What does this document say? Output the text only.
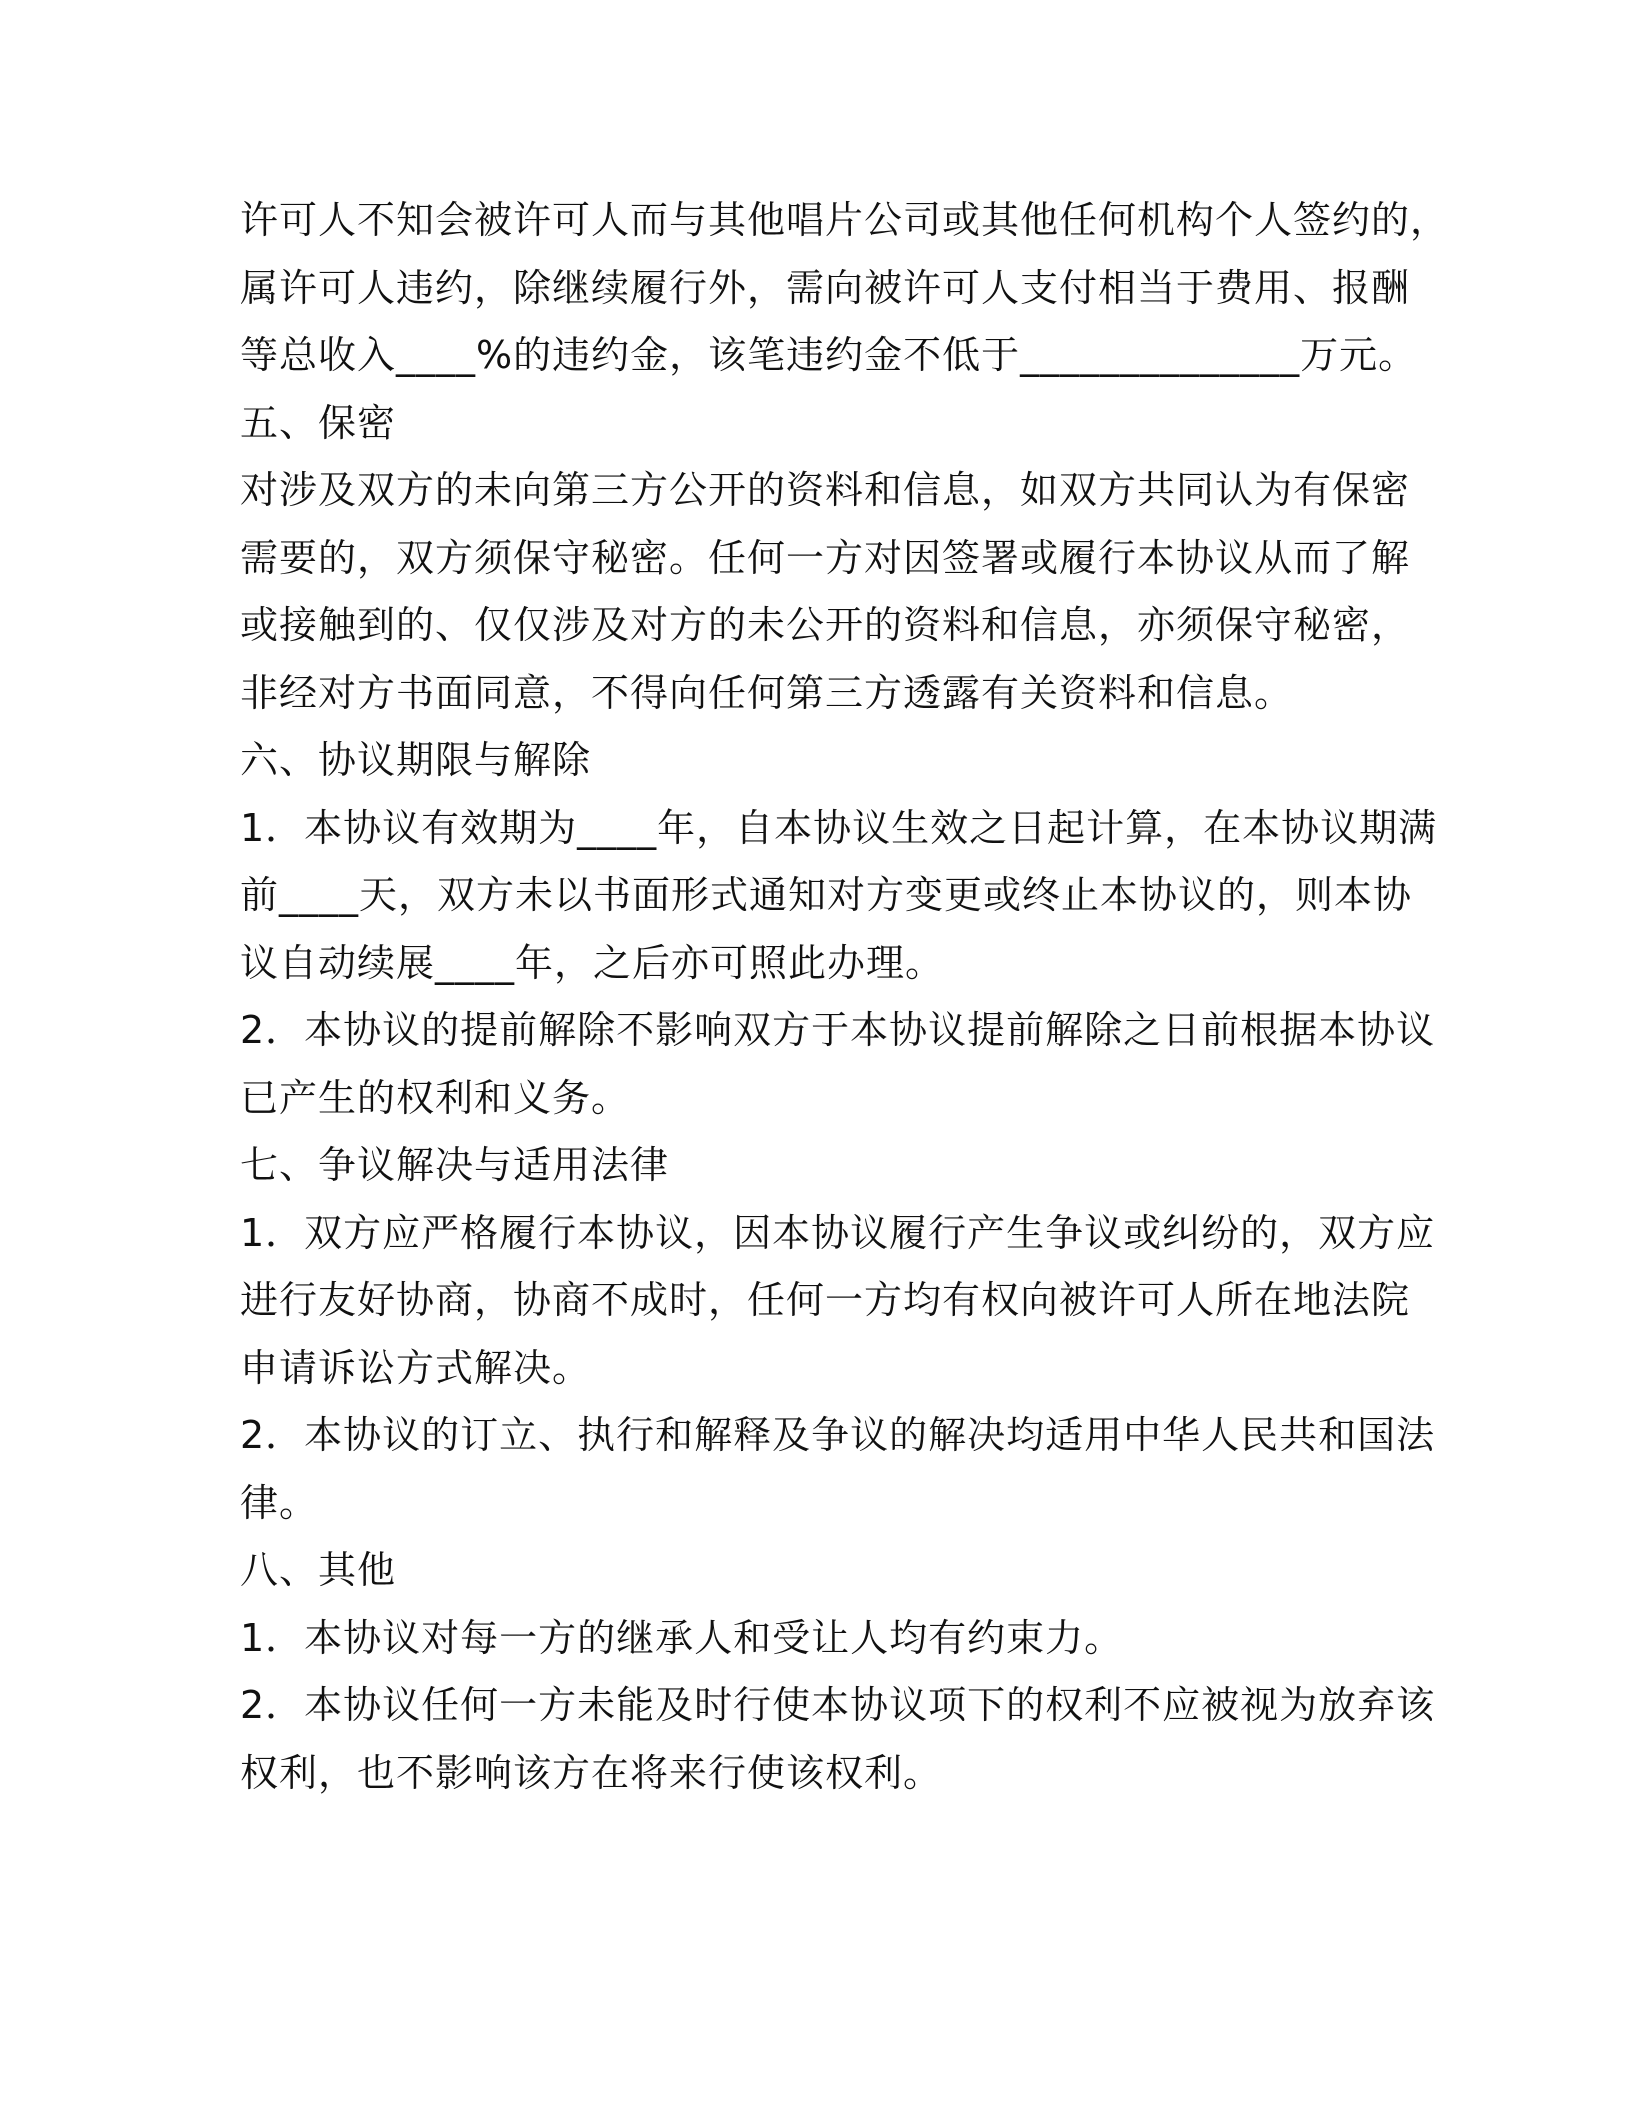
许可人不知会被许可人而与其他唱片公司或其他任何机构个人签约的，
属许可人违约，除继续履行外，需向被许可人支付相当于费用、报酬
等总收入____%的违约金，该笔违约金不低于______________万元。
五、保密
对涉及双方的未向第三方公开的资料和信息，如双方共同认为有保密
需要的，双方须保守秘密。任何一方对因签署或履行本协议从而了解
或接触到的、仅仅涉及对方的未公开的资料和信息，亦须保守秘密，
非经对方书面同意，不得向任何第三方透露有关资料和信息。
六、协议期限与解除
1．本协议有效期为____年，自本协议生效之日起计算，在本协议期满
前____天，双方未以书面形式通知对方变更或终止本协议的，则本协
议自动续展____年，之后亦可照此办理。
2．本协议的提前解除不影响双方于本协议提前解除之日前根据本协议
已产生的权利和义务。
七、争议解决与适用法律
1．双方应严格履行本协议，因本协议履行产生争议或纠纷的，双方应
进行友好协商，协商不成时，任何一方均有权向被许可人所在地法院
申请诉讼方式解决。
2．本协议的订立、执行和解释及争议的解决均适用中华人民共和国法
律。
八、其他
1．本协议对每一方的继承人和受让人均有约束力。
2．本协议任何一方未能及时行使本协议项下的权利不应被视为放弃该
权利，也不影响该方在将来行使该权利。
